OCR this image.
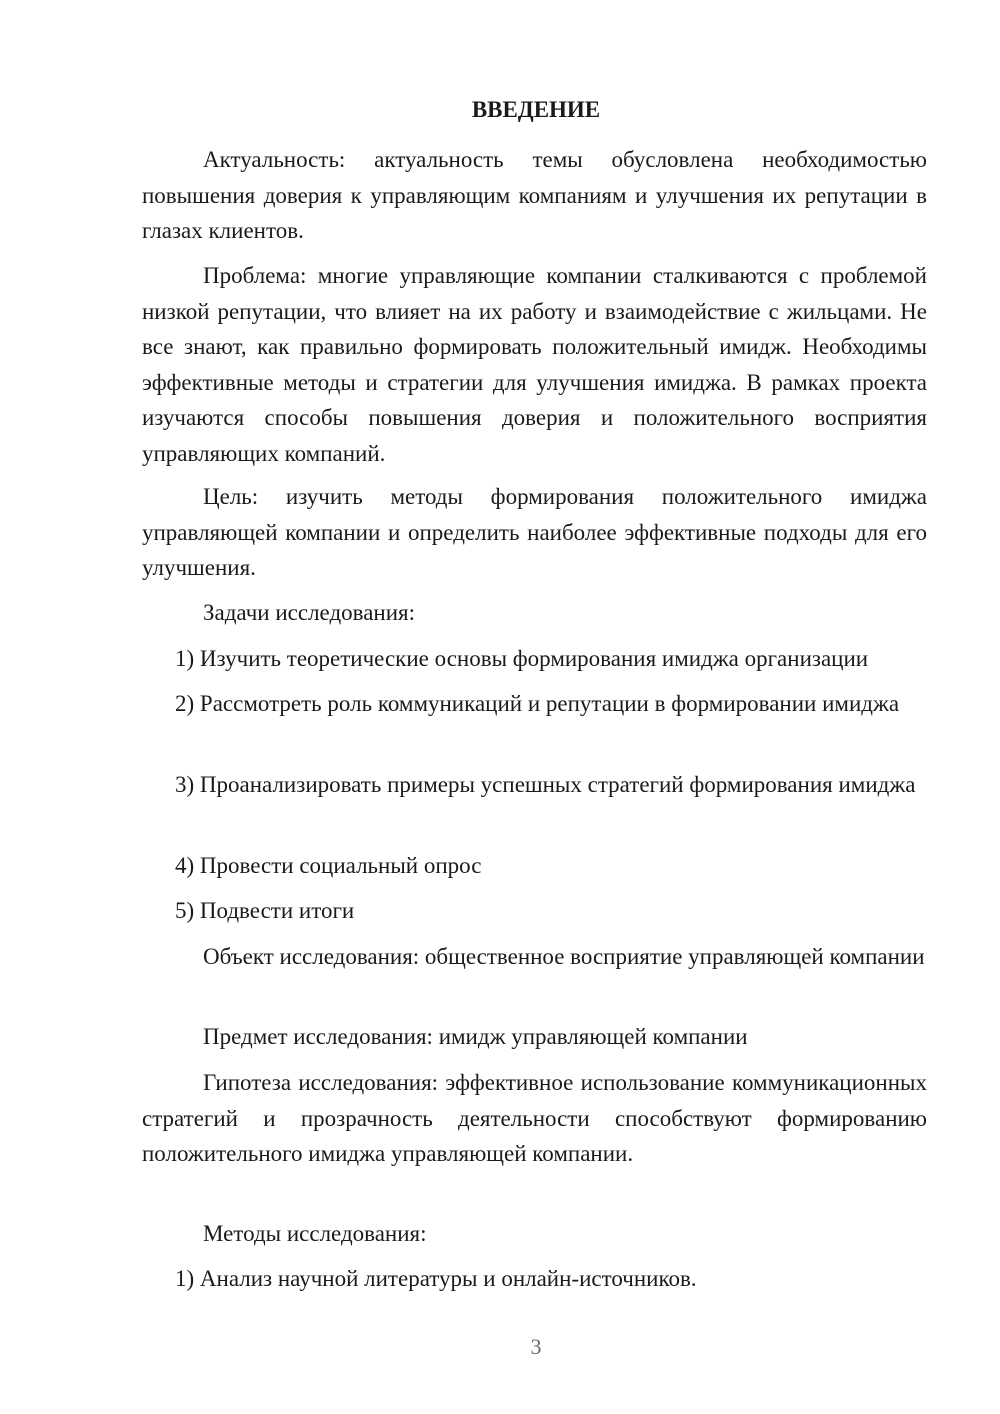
ВВЕДЕНИЕ

Актуальность: актуальность темы обусловлена необходимостью повышения доверия к управляющим компаниям и улучшения их репутации в глазах клиентов.

Проблема: многие управляющие компании сталкиваются с проблемой низкой репутации, что влияет на их работу и взаимодействие с жильцами. Не все знают, как правильно формировать положительный имидж. Необходимы эффективные методы и стратегии для улучшения имиджа. В рамках проекта изучаются способы повышения доверия и положительного восприятия управляющих компаний.

Цель: изучить методы формирования положительного имиджа управляющей компании и определить наиболее эффективные подходы для его улучшения.

Задачи исследования:

1) Изучить теоретические основы формирования имиджа организации

2) Рассмотреть роль коммуникаций и репутации в формировании имиджа

3) Проанализировать примеры успешных стратегий формирования имиджа

4) Провести социальный опрос

5) Подвести итоги

Объект исследования: общественное восприятие управляющей компании

Предмет исследования: имидж управляющей компании

Гипотеза исследования: эффективное использование коммуникационных стратегий и прозрачность деятельности способствуют формированию положительного имиджа управляющей компании.

Методы исследования:

1) Анализ научной литературы и онлайн-источников.

3
